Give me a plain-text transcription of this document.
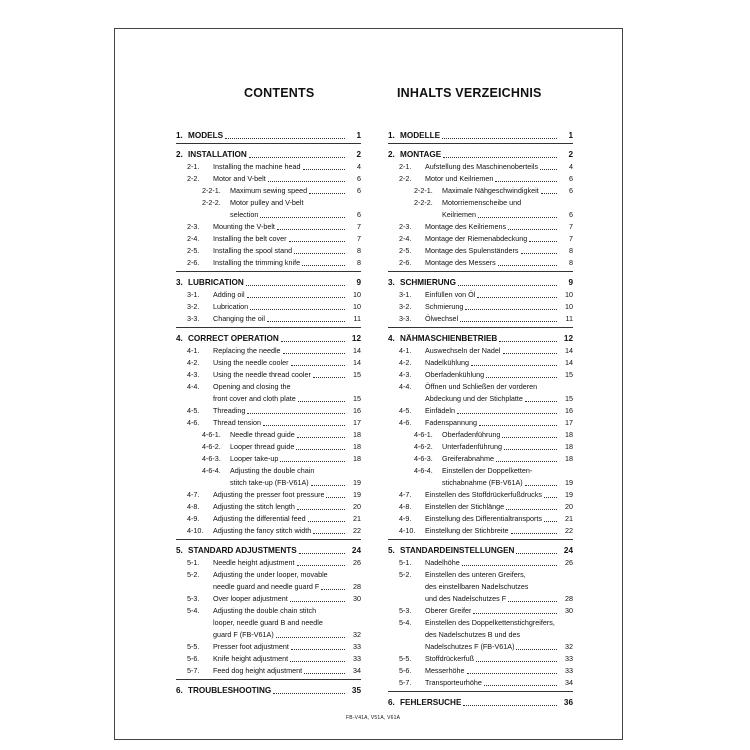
CONTENTS	INHALTS VERZEICHNIS
1. MODELS	1
2. INSTALLATION	2
2-1.	Installing the machine head	4
2-2.	Motor and V-belt	6
2-2-1.	Maximum sewing speed	6
2-2-2.	Motor pulley and V-belt
selection	6
2-3.	Mounting the V-belt	7
2-4.	Installing the belt cover	7
2-5.	Installing the spool stand	8
2-6.	Installing the trimming knife	8
3. LUBRICATION	9
3-1.	Adding oil	10
3-2.	Lubrication	10
3-3.	Changing the oil	11
4. CORRECT OPERATION	12
4-1.	Replacing the needle	14
4-2.	Using the needle cooler	14
4-3.	Using the needle thread cooler	15
4-4.	Opening and closing the
front cover and cloth plate	15
4-5.	Threading	16
4-6.	Thread tension	17
4-6-1.	Needle thread guide	18
4-6-2.	Looper thread guide	18
4-6-3.	Looper take-up	18
4-6-4.	Adjusting the double chain
stitch take-up (FB-V61A)	19
4-7.	Adjusting the presser foot pressure	19
4-8.	Adjusting the stitch length	20
4-9.	Adjusting the differential feed	21
4-10.	Adjusting the fancy stitch width	22
5. STANDARD ADJUSTMENTS	24
5-1.	Needle height adjustment	26
5-2.	Adjusting the under looper, movable
needle guard and needle guard F	28
5-3.	Over looper adjustment	30
5-4.	Adjusting the double chain stitch
looper, needle guard B and needle
guard F (FB-V61A)	32
5-5.	Presser foot adjustment	33
5-6.	Knife height adjustment	33
5-7.	Feed dog height adjustment	34
6. TROUBLESHOOTING	35
1. MODELLE	1
2. MONTAGE	2
2-1.	Aufstellung des Maschinenoberteils	4
2-2.	Motor und Keilriemen	6
2-2-1.	Maximale Nähgeschwindigkeit	6
2-2-2.	Motorriemenscheibe und
Keilriemen	6
2-3.	Montage des Keilriemens	7
2-4.	Montage der Riemenabdeckung	7
2-5.	Montage des Spulenständers	8
2-6.	Montage des Messers	8
3. SCHMIERUNG	9
3-1.	Einfüllen von Öl	10
3-2.	Schmierung	10
3-3.	Ölwechsel	11
4. NÄHMASCHIENBETRIEB	12
4-1.	Auswechseln der Nadel	14
4-2.	Nadelkühlung	14
4-3.	Oberfadenkühlung	15
4-4.	Öffnen und Schließen der vorderen
Abdeckung und der Stichplatte	15
4-5.	Einfädeln	16
4-6.	Fadenspannung	17
4-6-1.	Oberfadenführung	18
4-6-2.	Unterfadenführung	18
4-6-3.	Greiferabnahme	18
4-6-4.	Einstellen der Doppelketten-
stichabnahme (FB-V61A)	19
4-7.	Einstellen des Stoffdrückerfußdrucks	19
4-8.	Einstellen der Stichlänge	20
4-9.	Einstellung des Differentialtransports	21
4-10.	Einstellung der Stichbreite	22
5. STANDARDEINSTELLUNGEN	24
5-1.	Nadelhöhe	26
5-2.	Einstellen des unteren Greifers,
des einstellbaren Nadelschutzes
und des Nadelschutzes F	28
5-3.	Oberer Greifer	30
5-4.	Einstellen des Doppelkettenstichgreifers,
des Nadelschutzes B und des
Nadelschutzes F (FB-V61A)	32
5-5.	Stoffdrückerfuß	33
5-6.	Messerhöhe	33
5-7.	Transporteurhöhe	34
6. FEHLERSUCHE	36
FB-V41A, V51A, V61A
